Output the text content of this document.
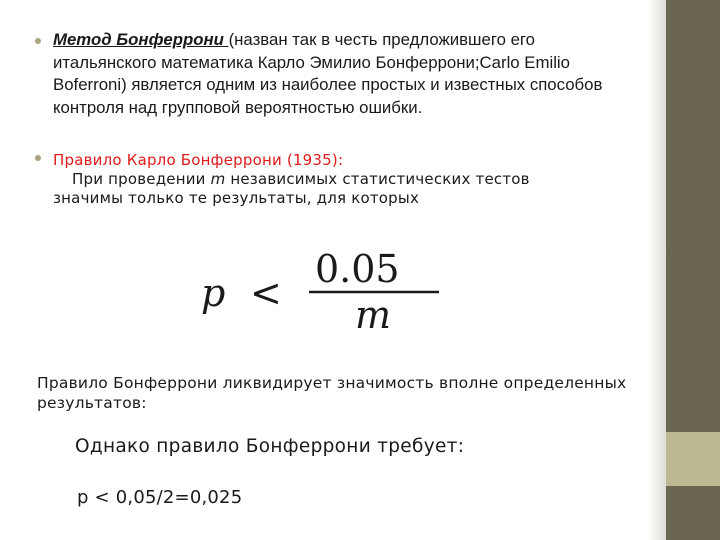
Метод Бонферрони (назван так в честь предложившего его итальянского математика Карло Эмилио Бонферрони;Carlo Emilio Boferroni) является одним из наиболее простых и известных способов контроля над групповой вероятностью ошибки.
Правило Карло Бонферрони (1935):
При проведении m независимых статистических тестов
значимы только те результаты, для которых
p <
0.05
m
Правило Бонферрони ликвидирует значимость вполне определенных результатов:
Однако правило Бонферрони требует:
p < 0,05/2=0,025
